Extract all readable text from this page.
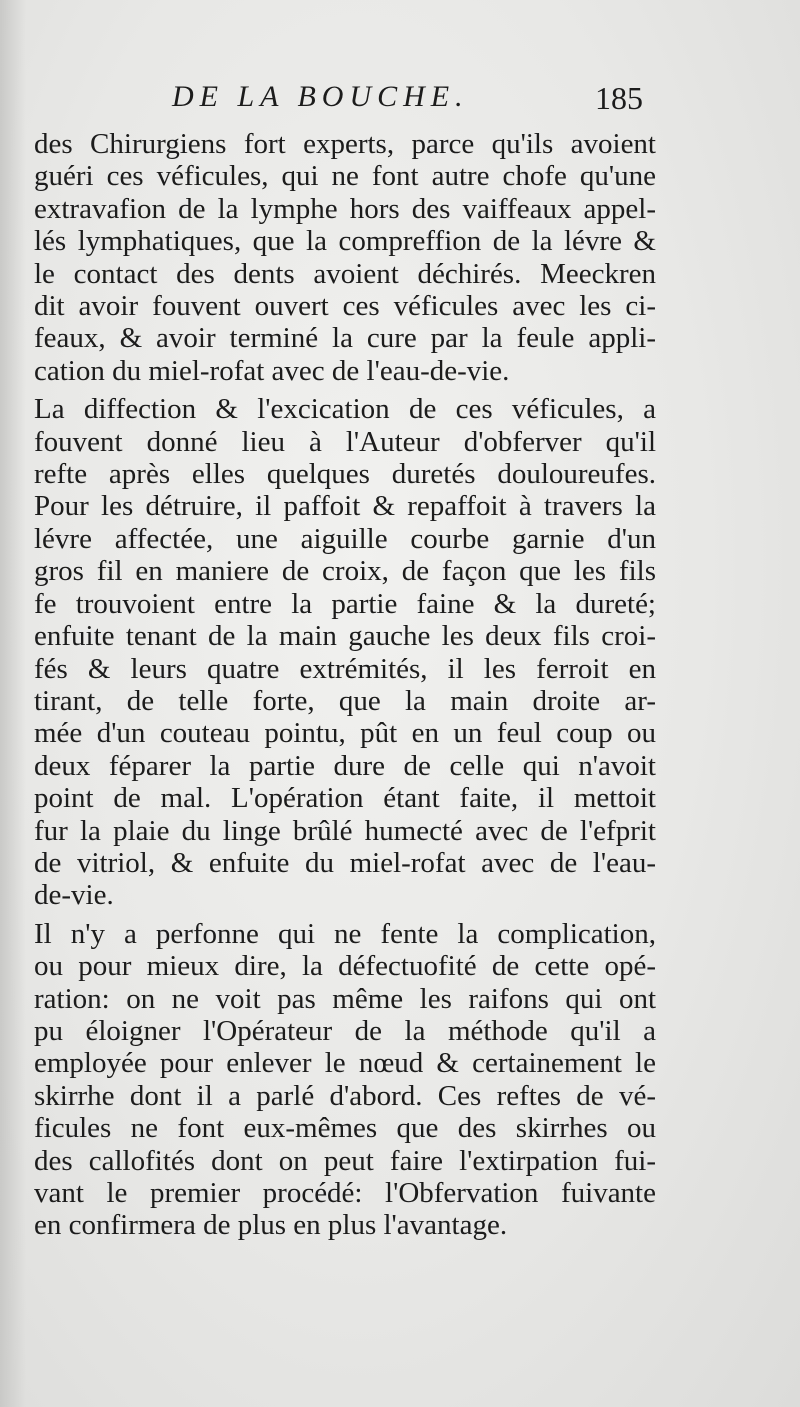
DE LA BOUCHE.	185
des Chirurgiens fort experts, parce qu'ils avoient
guéri ces véficules, qui ne font autre chofe qu'une
extravafion de la lymphe hors des vaiffeaux appel-
lés lymphatiques, que la compreffion de la lévre &
le contact des dents avoient déchirés. Meeckren
dit avoir fouvent ouvert ces véficules avec les ci-
feaux, & avoir terminé la cure par la feule appli-
cation du miel-rofat avec de l'eau-de-vie.
La diffection & l'excication de ces véficules, a
fouvent donné lieu à l'Auteur d'obferver qu'il
refte après elles quelques duretés douloureufes.
Pour les détruire, il paffoit & repaffoit à travers la
lévre affectée, une aiguille courbe garnie d'un
gros fil en maniere de croix, de façon que les fils
fe trouvoient entre la partie faine & la dureté;
enfuite tenant de la main gauche les deux fils croi-
fés & leurs quatre extrémités, il les ferroit en
tirant, de telle forte, que la main droite ar-
mée d'un couteau pointu, pût en un feul coup ou
deux féparer la partie dure de celle qui n'avoit
point de mal. L'opération étant faite, il mettoit
fur la plaie du linge brûlé humecté avec de l'efprit
de vitriol, & enfuite du miel-rofat avec de l'eau-
de-vie.
Il n'y a perfonne qui ne fente la complication,
ou pour mieux dire, la défectuofité de cette opé-
ration: on ne voit pas même les raifons qui ont
pu éloigner l'Opérateur de la méthode qu'il a
employée pour enlever le nœud & certainement le
skirrhe dont il a parlé d'abord. Ces reftes de vé-
ficules ne font eux-mêmes que des skirrhes ou
des callofités dont on peut faire l'extirpation fui-
vant le premier procédé: l'Obfervation fuivante
en confirmera de plus en plus l'avantage.
